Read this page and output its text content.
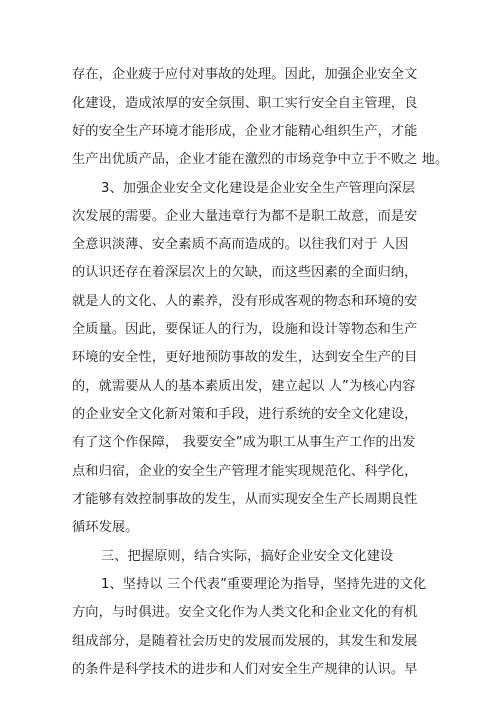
存在，企业疲于应付对事故的处理。因此，加强企业安全文
化建设，造成浓厚的安全氛围、职工实行安全自主管理，良
好的安全生产环境才能形成，企业才能精心组织生产，才能
生产出优质产品，企业才能在激烈的市场竞争中立于不败之 地。
3、加强企业安全文化建设是企业安全生产管理向深层
次发展的需要。企业大量违章行为都不是职工故意，而是安
全意识淡薄、安全素质不高而造成的。以往我们对于 人因
的认识还存在着深层次上的欠缺，而这些因素的全面归纳，
就是人的文化、人的素养，没有形成客观的物态和环境的安
全质量。因此，要保证人的行为，设施和设计等物态和生产
环境的安全性，更好地预防事故的发生，达到安全生产的目
的，就需要从人的基本素质出发，建立起以 人”为核心内容
的企业安全文化新对策和手段，进行系统的安全文化建设，
有了这个作保障， 我要安全”成为职工从事生产工作的出发
点和归宿，企业的安全生产管理才能实现规范化、科学化，
才能够有效控制事故的发生，从而实现安全生产长周期良性
循环发展。
三、把握原则，结合实际，搞好企业安全文化建设
1、坚持以 三个代表”重要理论为指导，坚持先进的文化
方向，与时俱进。安全文化作为人类文化和企业文化的有机
组成部分，是随着社会历史的发展而发展的，其发生和发展
的条件是科学技术的进步和人们对安全生产规律的认识。早
